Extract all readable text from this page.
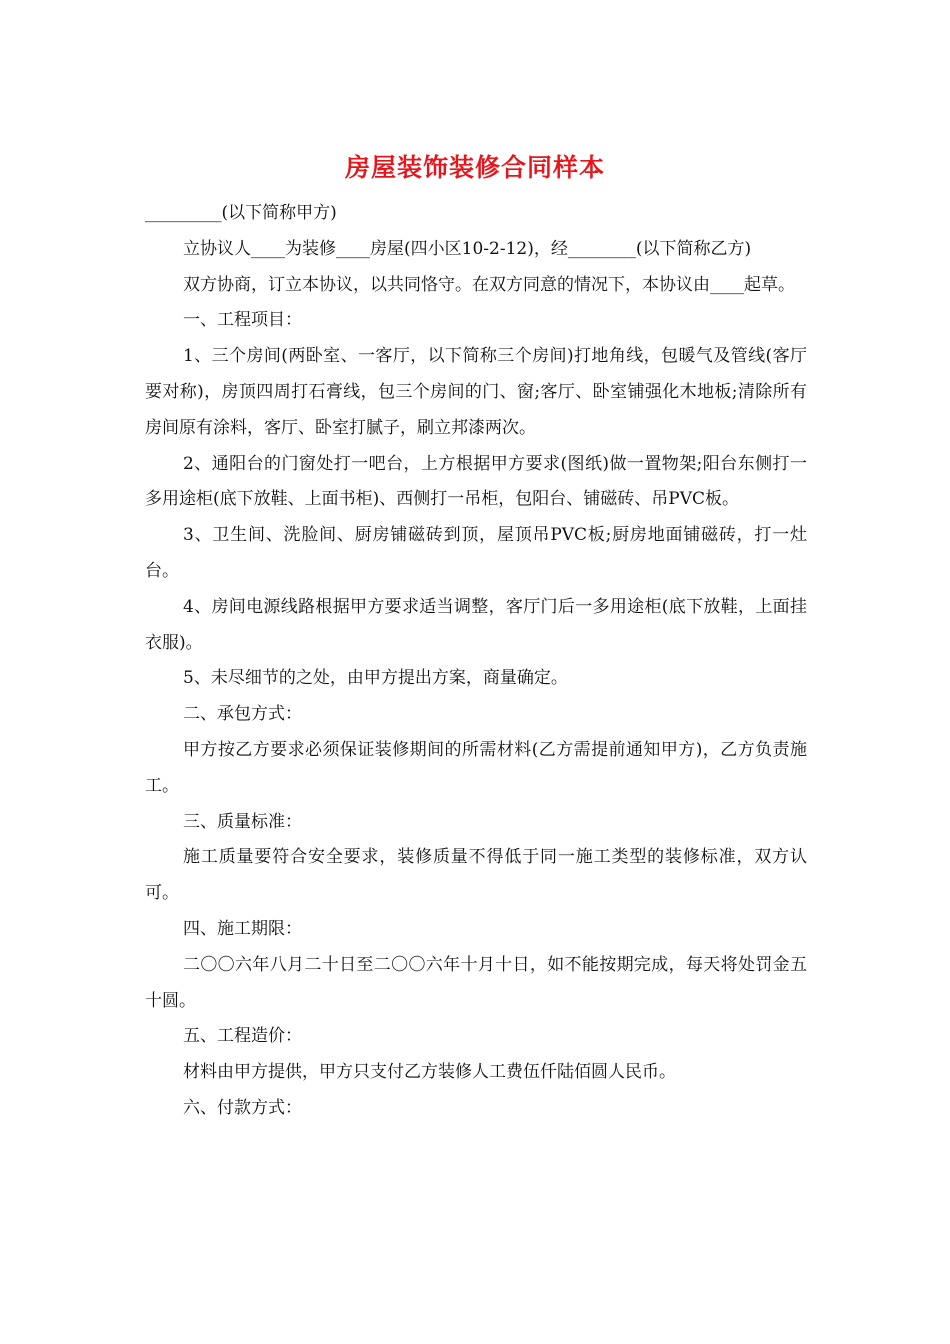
房屋装饰装修合同样本

_________(以下简称甲方)

立协议人____为装修____房屋(四小区10-2-12)，经________(以下简称乙方)

双方协商，订立本协议，以共同恪守。在双方同意的情况下，本协议由____起草。

一、工程项目：

1、三个房间(两卧室、一客厅，以下简称三个房间)打地角线，包暖气及管线(客厅要对称)，房顶四周打石膏线，包三个房间的门、窗;客厅、卧室铺强化木地板;清除所有房间原有涂料，客厅、卧室打腻子，刷立邦漆两次。

2、通阳台的门窗处打一吧台，上方根据甲方要求(图纸)做一置物架;阳台东侧打一多用途柜(底下放鞋、上面书柜)、西侧打一吊柜，包阳台、铺磁砖、吊PVC板。

3、卫生间、洗脸间、厨房铺磁砖到顶，屋顶吊PVC板;厨房地面铺磁砖，打一灶台。

4、房间电源线路根据甲方要求适当调整，客厅门后一多用途柜(底下放鞋，上面挂衣服)。

5、未尽细节的之处，由甲方提出方案，商量确定。

二、承包方式：

甲方按乙方要求必须保证装修期间的所需材料(乙方需提前通知甲方)，乙方负责施工。

三、质量标准：

施工质量要符合安全要求，装修质量不得低于同一施工类型的装修标准，双方认可。

四、施工期限：

二〇〇六年八月二十日至二〇〇六年十月十日，如不能按期完成，每天将处罚金五十圆。

五、工程造价：

材料由甲方提供，甲方只支付乙方装修人工费伍仟陆佰圆人民币。

六、付款方式：
